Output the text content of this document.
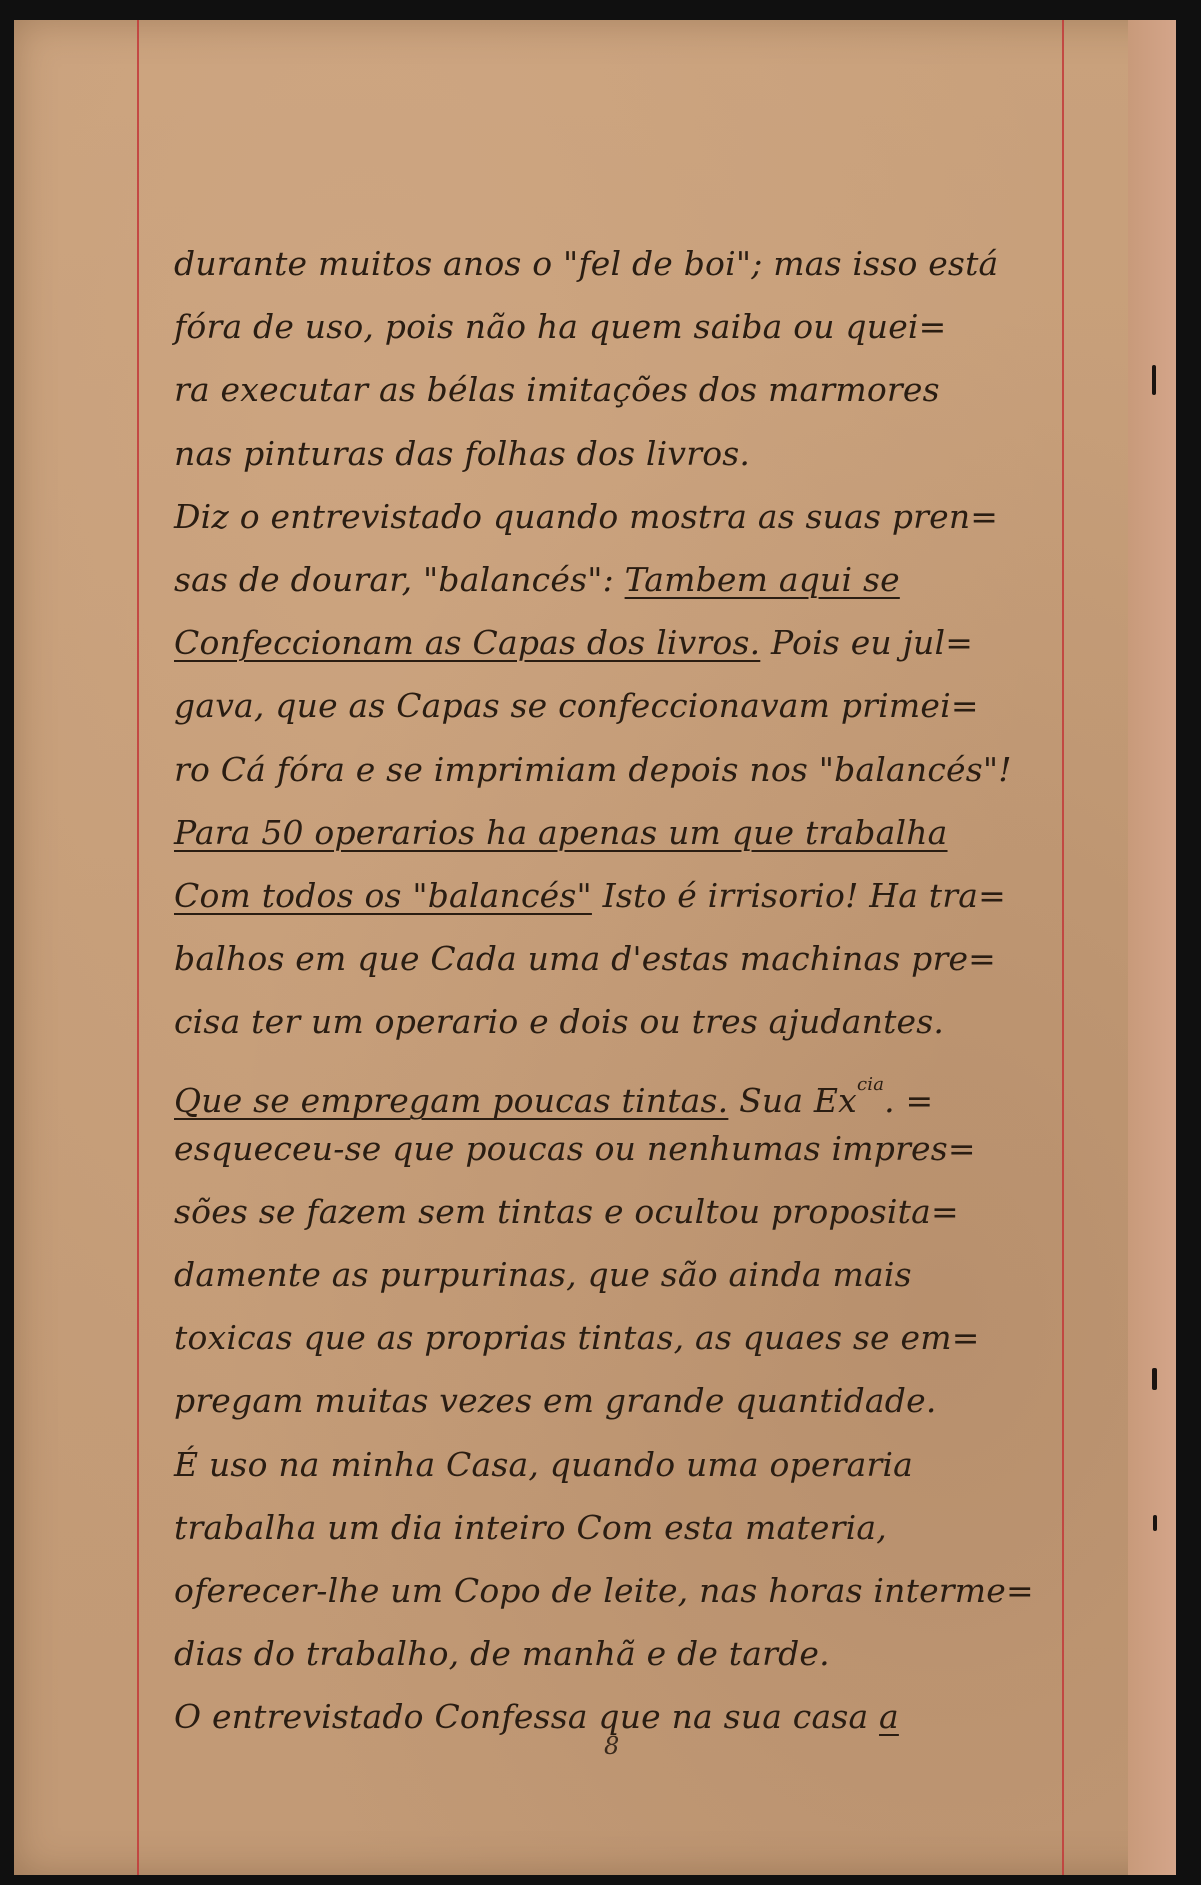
durante muitos anos o "fel de boi"; mas isso está
fóra de uso, pois não ha quem saiba ou quei=
ra executar as bélas imitações dos marmores
nas pinturas das folhas dos livros.
Diz o entrevistado quando mostra as suas pren=
sas de dourar, "balancés": Tambem aqui se
Confeccionam as Capas dos livros. Pois eu jul=
gava, que as Capas se confeccionavam primei=
ro Cá fóra e se imprimiam depois nos "balancés"!
Para 50 operarios ha apenas um que trabalha
Com todos os "balancés" Isto é irrisorio! Ha tra=
balhos em que Cada uma d'estas machinas pre=
cisa ter um operario e dois ou tres ajudantes.
Que se empregam poucas tintas. Sua $Ex^{cia}$. =
esqueceu-se que poucas ou nenhumas impres=
sões se fazem sem tintas e ocultou proposita=
damente as purpurinas, que são ainda mais
toxicas que as proprias tintas, as quaes se em=
pregam muitas vezes em grande quantidade.
É uso na minha Casa, quando uma operaria
trabalha um dia inteiro Com esta materia,
oferecer-lhe um Copo de leite, nas horas interme=
dias do trabalho, de manhã e de tarde.
O entrevistado Confessa que na sua casa a
8
